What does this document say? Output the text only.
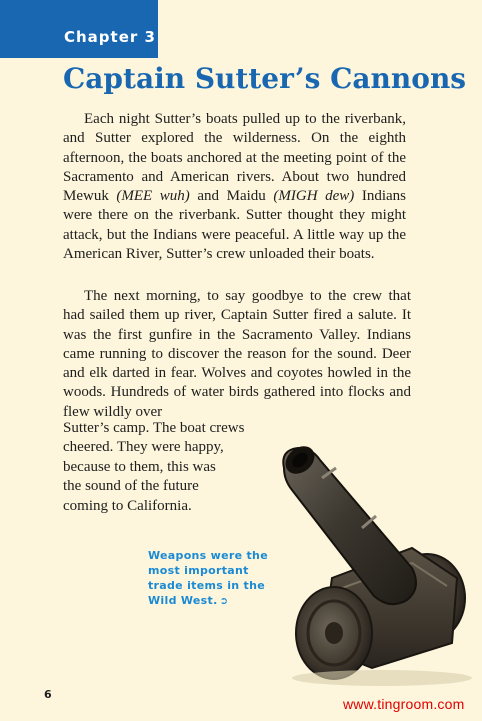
Chapter 3
Captain Sutter’s Cannons

Each night Sutter’s boats pulled up to the riverbank, and Sutter explored the wilderness. On the eighth afternoon, the boats anchored at the meeting point of the Sacramento and American rivers. About two hundred Mewuk (MEE wuh) and Maidu (MIGH dew) Indians were there on the riverbank. Sutter thought they might attack, but the Indians were peaceful. A little way up the American River, Sutter’s crew unloaded their boats.

The next morning, to say goodbye to the crew that had sailed them up river, Captain Sutter fired a salute. It was the first gunfire in the Sacramento Valley. Indians came running to discover the reason for the sound. Deer and elk darted in fear. Wolves and coyotes howled in the woods. Hundreds of water birds gathered into flocks and flew wildly over

Sutter’s camp. The boat crews
cheered. They were happy,
because to them, this was
the sound of the future
coming to California.

Weapons were the most important trade items in the Wild West. ➲

6
www.tingroom.com
